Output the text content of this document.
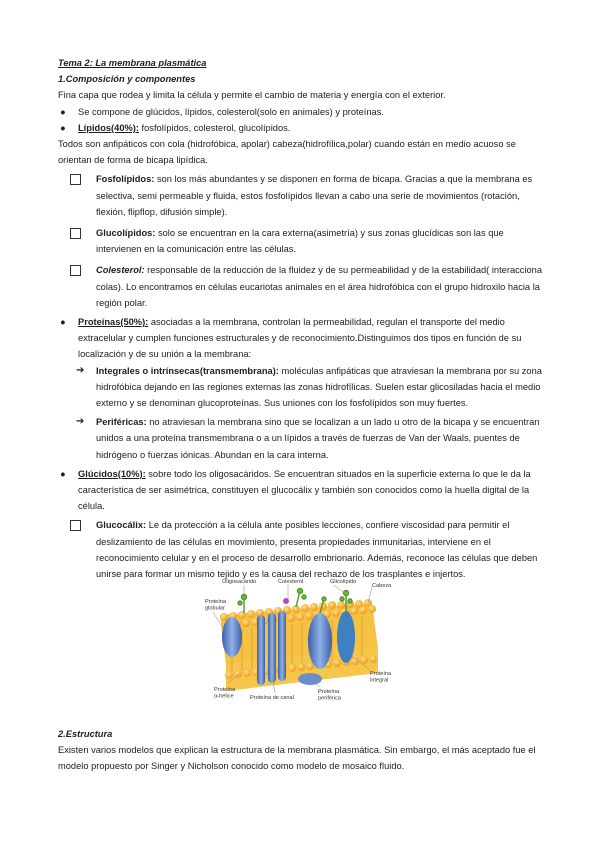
Tema 2: La membrana plasmática
1.Composición y componentes
Fina capa que rodea y limita la célula y permite el cambio de materia y energía con el exterior.
● Se compone de glúcidos, lípidos, colesterol(solo en animales) y proteínas.
● Lípidos(40%): fosfolípidos, colesterol, glucolípidos.
Todos son anfipáticos con cola (hidrofóbica, apolar) cabeza(hidrofílica,polar) cuando están en medio acuoso se orientan de forma de bicapa lipídica.
Fosfolípidos: son los más abundantes y se disponen en forma de bicapa. Gracias a que la membrana es selectiva, semi permeable y fluida, estos fosfolípidos llevan a cabo una serie de movimientos (rotación, flexión, flipflop, difusión simple).
Glucolípidos: solo se encuentran en la cara externa(asimetría) y sus zonas glucídicas son las que intervienen en la comunicación entre las células.
Colesterol: responsable de la reducción de la fluidez y de su permeabilidad y de la estabilidad( interacciona colas). Lo encontramos en células eucariotas animales en el área hidrofóbica con el grupo hidroxilo hacia la región polar.
● Proteínas(50%): asociadas a la membrana, controlan la permeabilidad, regulan el transporte del medio extracelular y cumplen funciones estructurales y de reconocimiento.Distinguimos dos tipos en función de su localización y de su unión a la membrana:
➔ Integrales o intrínsecas(transmembrana): moléculas anfipáticas que atraviesan la membrana por su zona hidrofóbica dejando en las regiones externas las zonas hidrofílicas. Suelen estar glicosiladas hacia el medio externo y se denominan glucoproteínas. Sus uniones con los fosfolípidos son muy fuertes.
➔ Periféricas: no atraviesan la membrana sino que se localizan a un lado u otro de la bicapa y se encuentran unidos a una proteína transmembrana o a un lípidos a través de fuerzas de Van der Waals, puentes de hidrógeno o fuerzas iónicas. Abundan en la cara interna.
● Glúcidos(10%): sobre todo los oligosacáridos. Se encuentran situados en la superficie externa lo que le da la característica de ser asimétrica, constituyen el glucocálix y también son conocidos como la huella digital de la célula.
Glucocálix: Le da protección a la célula ante posibles lecciones, confiere viscosidad para permitir el deslizamiento de las células en movimiento, presenta propiedades inmunitarias, interviene en el reconocimiento celular y en el proceso de desarrollo embrionario. Además, reconoce las células que deben unirse para formar un mismo tejido y es la causa del rechazo de los trasplantes e injertos.
Oligosacárido	Colesterol	Glicolípido
Cabeza
Proteína globular
Proteína integral
Proteína α-hélice	Proteína de canal
Proteína periférica
2.Estructura
Existen varios modelos que explican la estructura de la membrana plasmática. Sin embargo, el más aceptado fue el modelo propuesto por Singer y Nicholson conocido como modelo de mosaico fluido.
